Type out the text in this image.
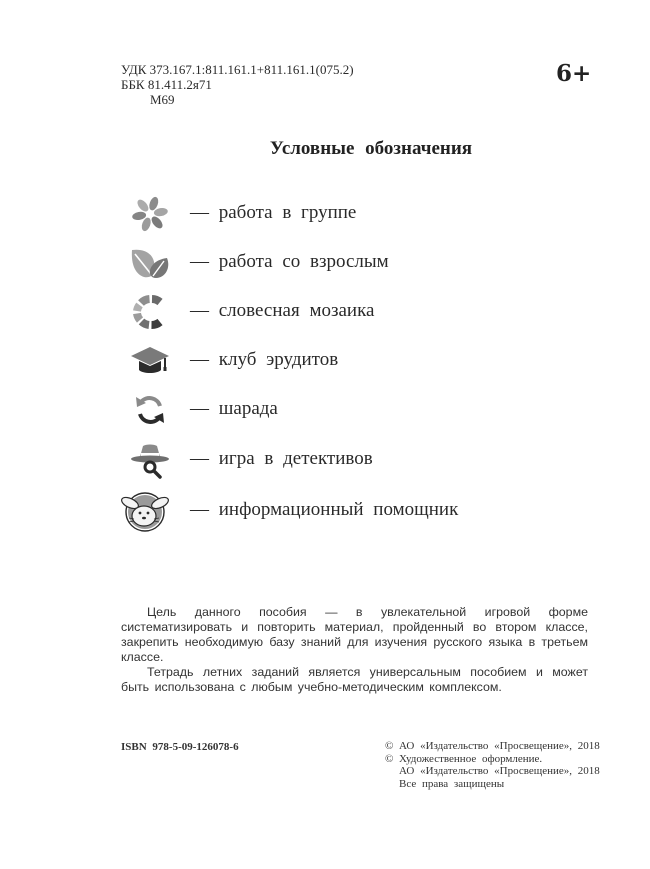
УДК 373.167.1:811.161.1+811.161.1(075.2)
ББК 81.411.2я71
М69
6+
Условные обозначения
— работа в группе
— работа со взрослым
— словесная мозаика
— клуб эрудитов
— шарада
— игра в детективов
— информационный помощник

Цель данного пособия — в увлекательной игровой форме систематизировать и повторить материал, пройденный во втором классе, закрепить необходимую базу знаний для изучения русского языка в третьем классе.

Тетрадь летних заданий является универсальным пособием и может быть использована с любым учебно-методическим комплексом.

ISBN 978-5-09-126078-6	© АО «Издательство «Просвещение», 2018
© Художественное оформление.
АО «Издательство «Просвещение», 2018
Все права защищены
